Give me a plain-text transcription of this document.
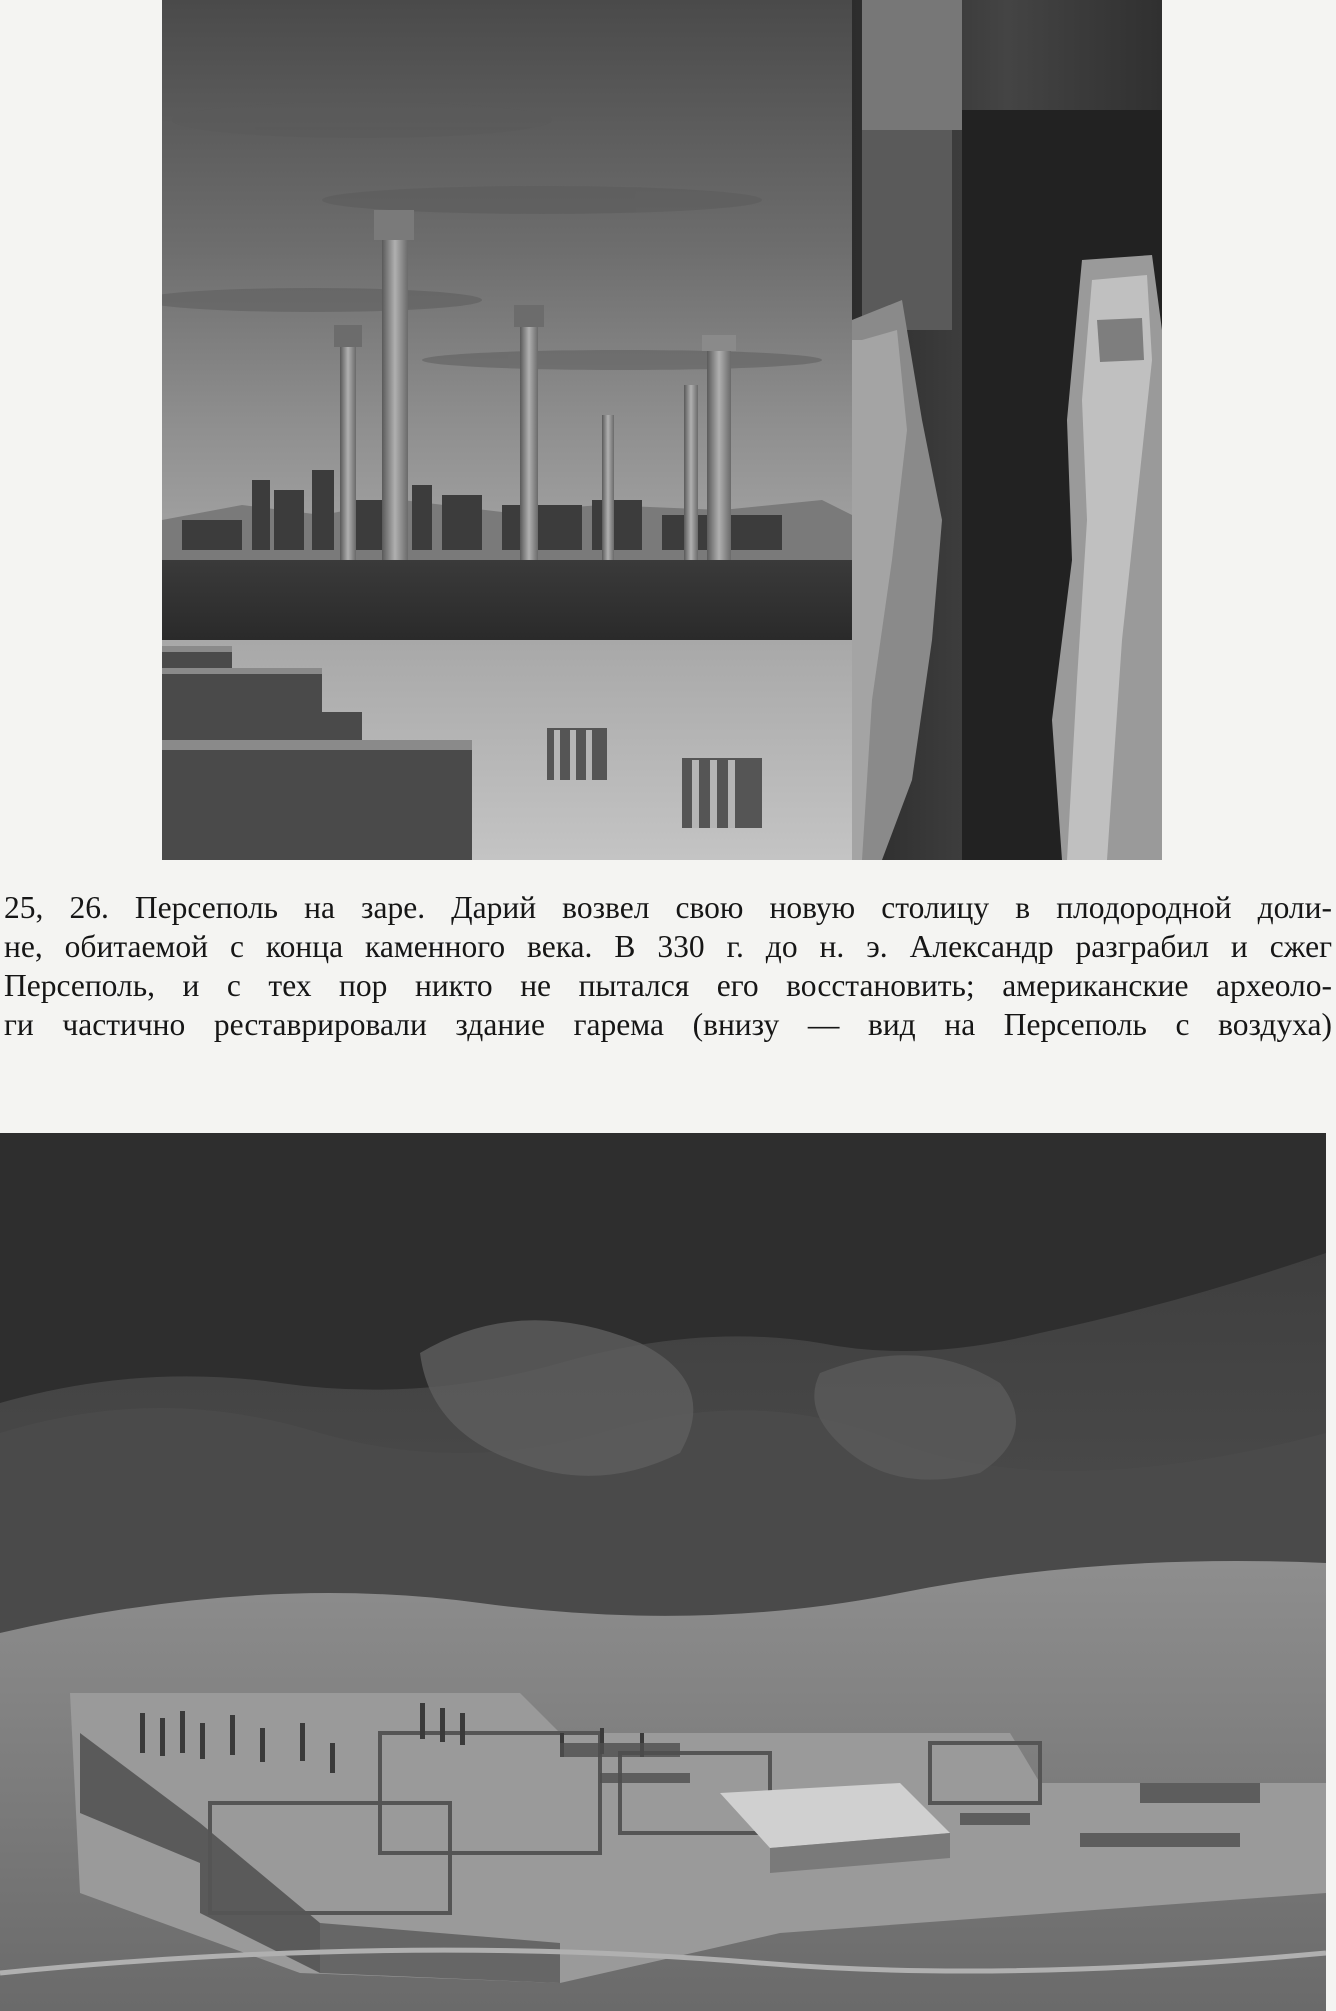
25, 26. Персеполь на заре. Дарий возвел свою новую столицу в плодородной доли-
не, обитаемой с конца каменного века. В 330 г. до н. э. Александр разграбил и сжег
Персеполь, и с тех пор никто не пытался его восстановить; американские археоло-
ги частично реставрировали здание гарема (внизу — вид на Персеполь с воздуха)
